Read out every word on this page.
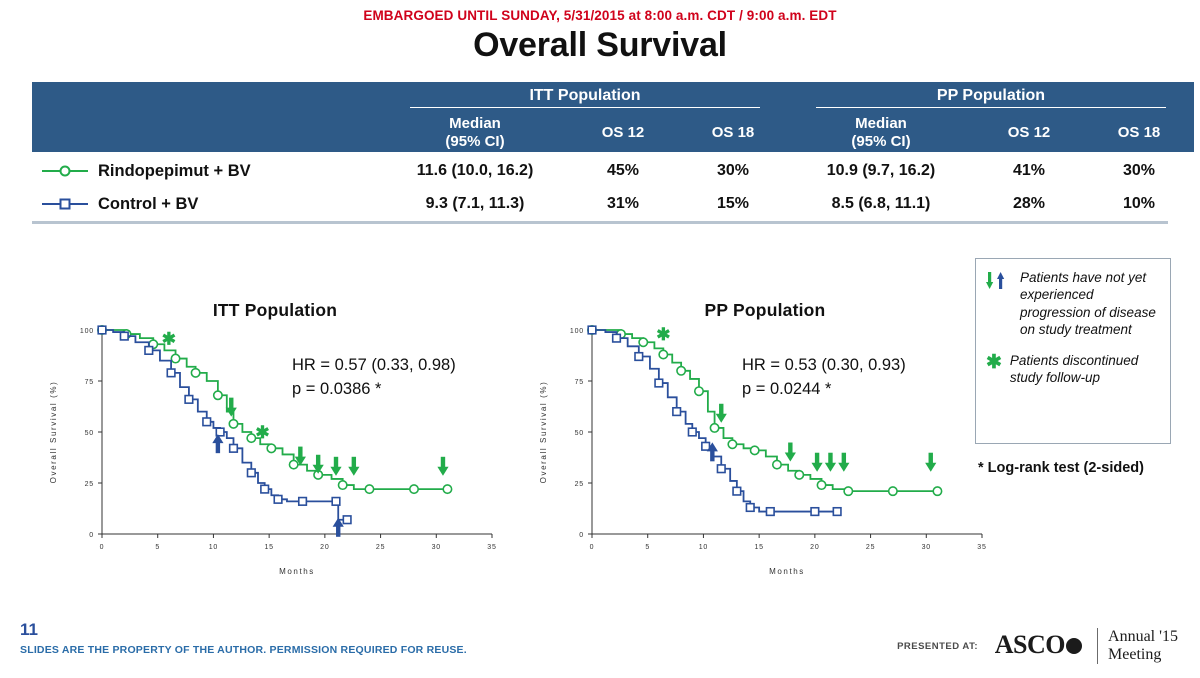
EMBARGOED UNTIL SUNDAY, 5/31/2015 at 8:00 a.m. CDT / 9:00 a.m. EDT
Overall Survival
	ITT Population			PP Population		

Median
(95% CI)
	OS 12	OS 18	
Median
(95% CI)
	OS 12	OS 18

Rindopepimut + BV	11.6 (10.0, 16.2)	45%	30%	10.9 (9.7, 16.2)	41%	30%

Control + BV	9.3 (7.1, 11.3)	31%	15%	8.5 (6.8, 11.1)	28%	10%
ITT Population
0	5	10	15	20	25	30	35
0
25
50
75
100
Months
Overall Survival (%)
✱
✱
HR = 0.57 (0.33, 0.98)
p = 0.0386 *
PP Population
0	5	10	15	20	25	30	35
0
25
50
75
100
Months
Overall Survival (%)
✱
HR = 0.53 (0.30, 0.93)
p = 0.0244 *
Patients have not yet experienced progression of disease on study treatment
✱ Patients discontinued study follow-up
* Log-rank test (2-sided)
11
SLIDES ARE THE PROPERTY OF THE AUTHOR. PERMISSION REQUIRED FOR REUSE.	PRESENTED AT: ASCO	Annual '15
Meeting
